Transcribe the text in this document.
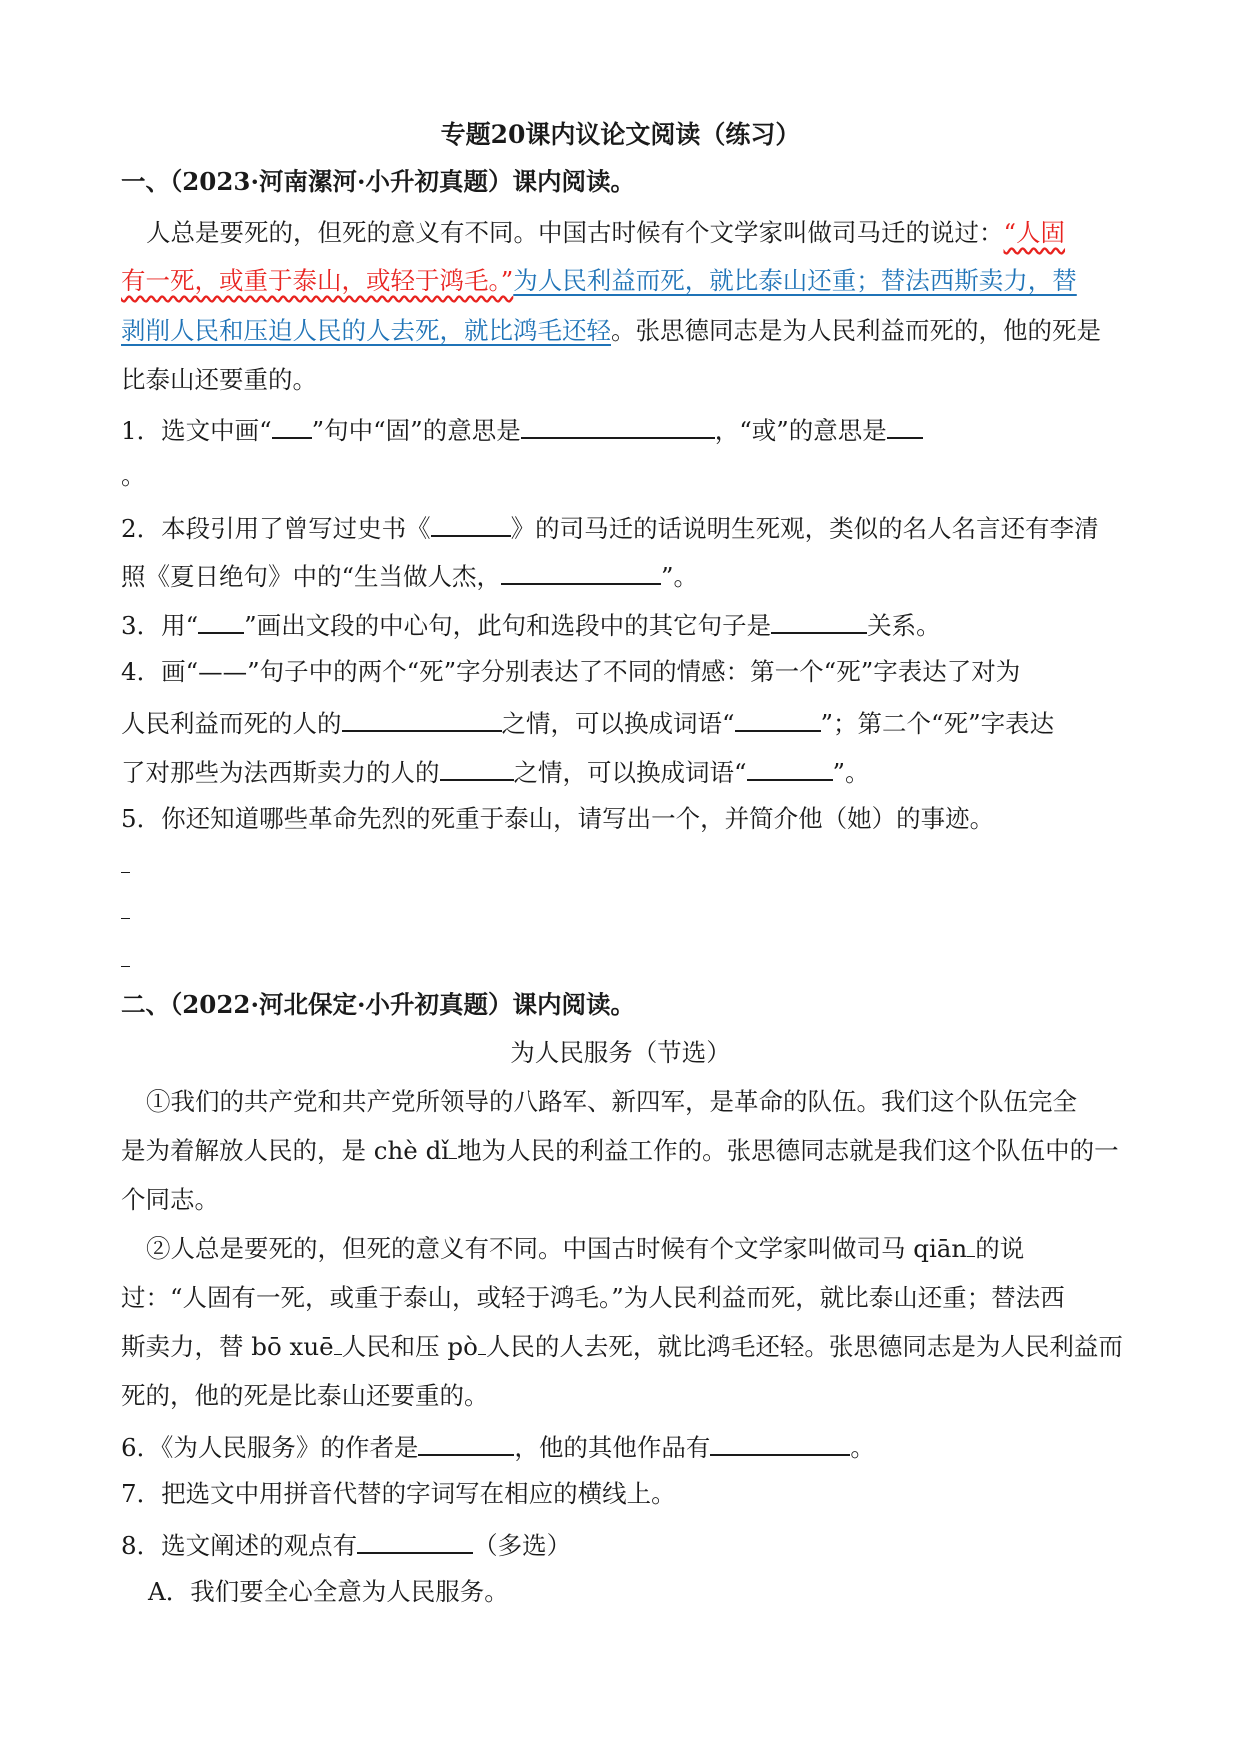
专题20课内议论文阅读（练习）
一、（2023·河南漯河·小升初真题）课内阅读。
人总是要死的，但死的意义有不同。中国古时候有个文学家叫做司马迁的说过：“人固
有一死，或重于泰山，或轻于鸿毛。”为人民利益而死，就比泰山还重；替法西斯卖力，替
剥削人民和压迫人民的人去死，就比鸿毛还轻。张思德同志是为人民利益而死的，他的死是
比泰山还要重的。
1．选文中画“ ”句中“固”的意思是	，“或”的意思是
。
2．本段引用了曾写过史书《	》的司马迁的话说明生死观，类似的名人名言还有李清
照《夏日绝句》中的“生当做人杰，	”。
3．用“ ”画出文段的中心句，此句和选段中的其它句子是	关系。
4．画“——”句子中的两个“死”字分别表达了不同的情感：第一个“死”字表达了对为
人民利益而死的人的	之情，可以换成词语“	”；第二个“死”字表达
了对那些为法西斯卖力的人的	之情，可以换成词语“	”。
5．你还知道哪些革命先烈的死重于泰山，请写出一个，并简介他（她）的事迹。
二、（2022·河北保定·小升初真题）课内阅读。
为人民服务（节选）
①我们的共产党和共产党所领导的八路军、新四军，是革命的队伍。我们这个队伍完全
是为着解放人民的，是 chè dǐ 地为人民的利益工作的。张思德同志就是我们这个队伍中的一
个同志。
②人总是要死的，但死的意义有不同。中国古时候有个文学家叫做司马 qiān 的说
过：“人固有一死，或重于泰山，或轻于鸿毛。”为人民利益而死，就比泰山还重；替法西
斯卖力，替 bō xuē 人民和压 pò 人民的人去死，就比鸿毛还轻。张思德同志是为人民利益而
死的，他的死是比泰山还要重的。
6．《为人民服务》的作者是	，他的其他作品有	。
7．把选文中用拼音代替的字词写在相应的横线上。
8．选文阐述的观点有	（多选）
A．我们要全心全意为人民服务。
